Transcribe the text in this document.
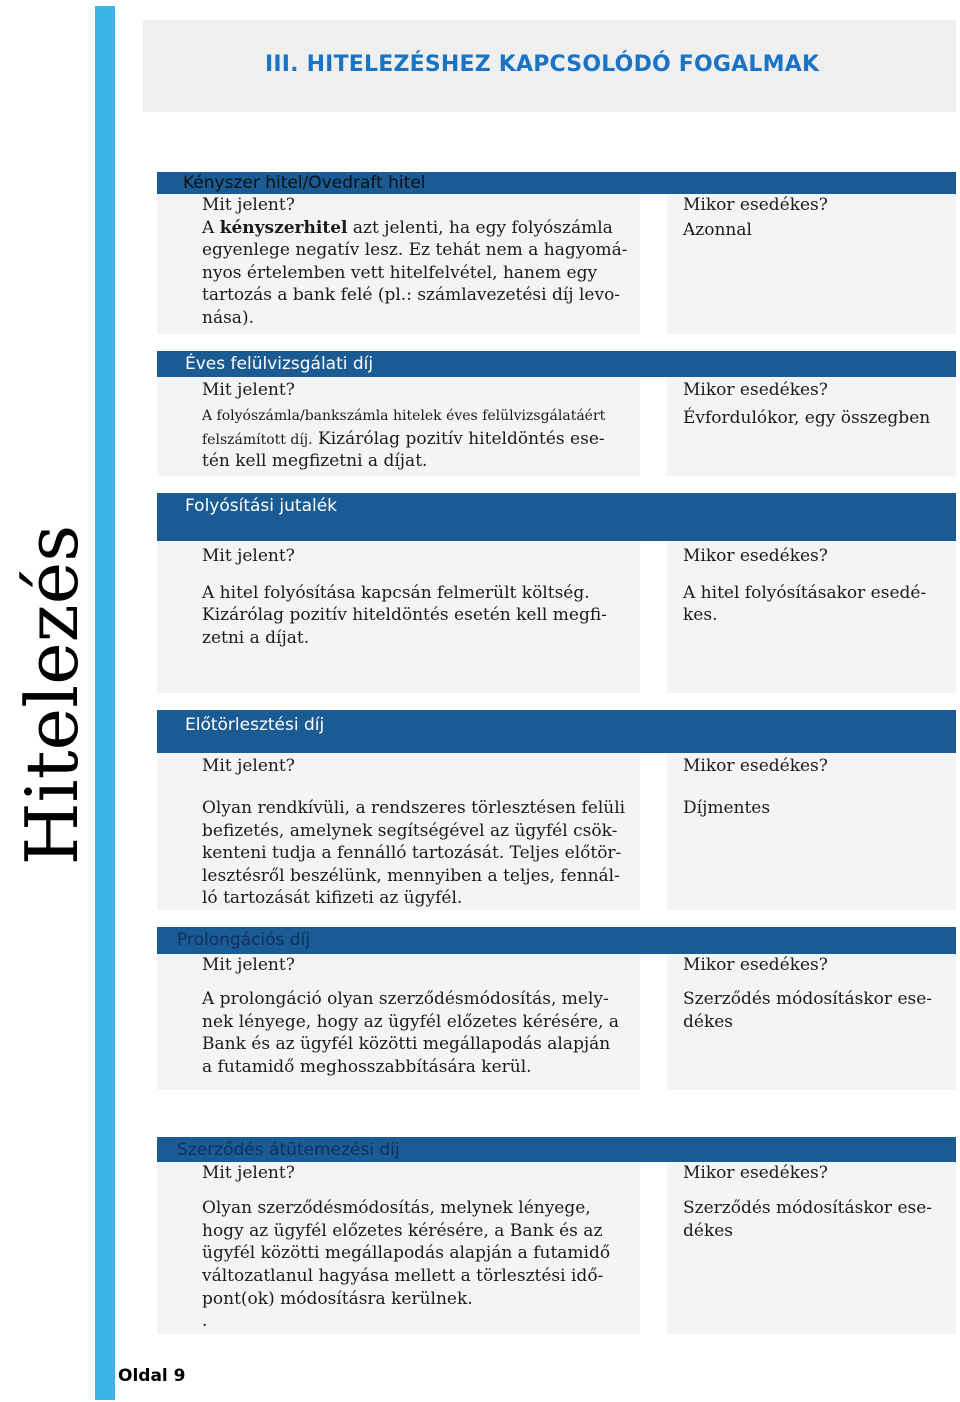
Hitelezés
III. HITELEZÉSHEZ KAPCSOLÓDÓ FOGALMAK
Kényszer hitel/Ovedraft hitel
Mit jelent?
A kényszerhitel azt jelenti, ha egy folyószámla
egyenlege negatív lesz. Ez tehát nem a hagyomá-
nyos értelemben vett hitelfelvétel, hanem egy
tartozás a bank felé (pl.: számlavezetési díj levo-
nása).
Mikor esedékes?
Azonnal
Éves felülvizsgálati díj
Mit jelent?
A folyószámla/bankszámla hitelek éves felülvizsgálatáért
felszámított díj. Kizárólag pozitív hiteldöntés ese-
tén kell megfizetni a díjat.
Mikor esedékes?
Évfordulókor, egy összegben
Folyósítási jutalék
Mit jelent?
A hitel folyósítása kapcsán felmerült költség.
Kizárólag pozitív hiteldöntés esetén kell megfi-
zetni a díjat.
Mikor esedékes?
A hitel folyósításakor esedé-
kes.
Előtörlesztési díj
Mit jelent?
Olyan rendkívüli, a rendszeres törlesztésen felüli
befizetés, amelynek segítségével az ügyfél csök-
kenteni tudja a fennálló tartozását. Teljes előtör-
lesztésről beszélünk, mennyiben a teljes, fennál-
ló tartozását kifizeti az ügyfél.
Mikor esedékes?
Díjmentes
Prolongációs díj
Mit jelent?
A prolongáció olyan szerződésmódosítás, mely-
nek lényege, hogy az ügyfél előzetes kérésére, a
Bank és az ügyfél közötti megállapodás alapján
a futamidő meghosszabbítására kerül.
Mikor esedékes?
Szerződés módosításkor ese-
dékes
Szerződés átütemezési díj
Mit jelent?
Olyan szerződésmódosítás, melynek lényege,
hogy az ügyfél előzetes kérésére, a Bank és az
ügyfél közötti megállapodás alapján a futamidő
változatlanul hagyása mellett a törlesztési idő-
pont(ok) módosításra kerülnek.
.
Mikor esedékes?
Szerződés módosításkor ese-
dékes
Oldal 9
